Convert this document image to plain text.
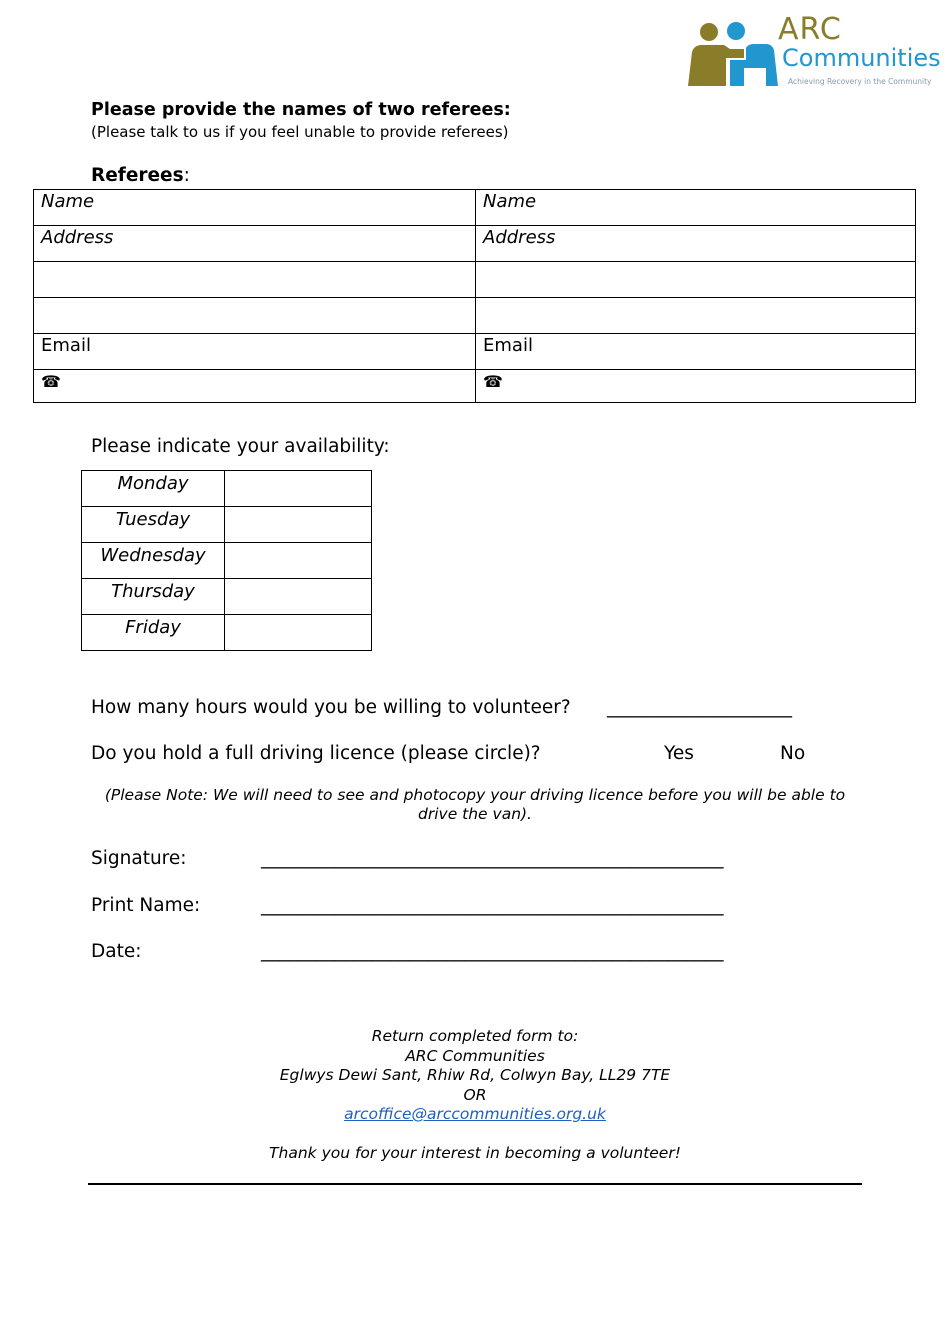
ARC
Communities
Achieving Recovery in the Community
Please provide the names of two referees:
(Please talk to us if you feel unable to provide referees)
Referees:
Name	Name
Address	Address

Email	Email
☎	☎
Please indicate your availability:
Monday	
Tuesday	
Wednesday	
Thursday	
Friday	
How many hours would you be willing to volunteer? ____________________
Do you hold a full driving licence (please circle)?	Yes	No
(Please Note: We will need to see and photocopy your driving licence before you will be able to drive the van).
Signature:	__________________________________________________
Print Name:	__________________________________________________
Date:	__________________________________________________
Return completed form to:
ARC Communities
Eglwys Dewi Sant, Rhiw Rd, Colwyn Bay, LL29 7TE
OR
arcoffice@arccommunities.org.uk
Thank you for your interest in becoming a volunteer!
